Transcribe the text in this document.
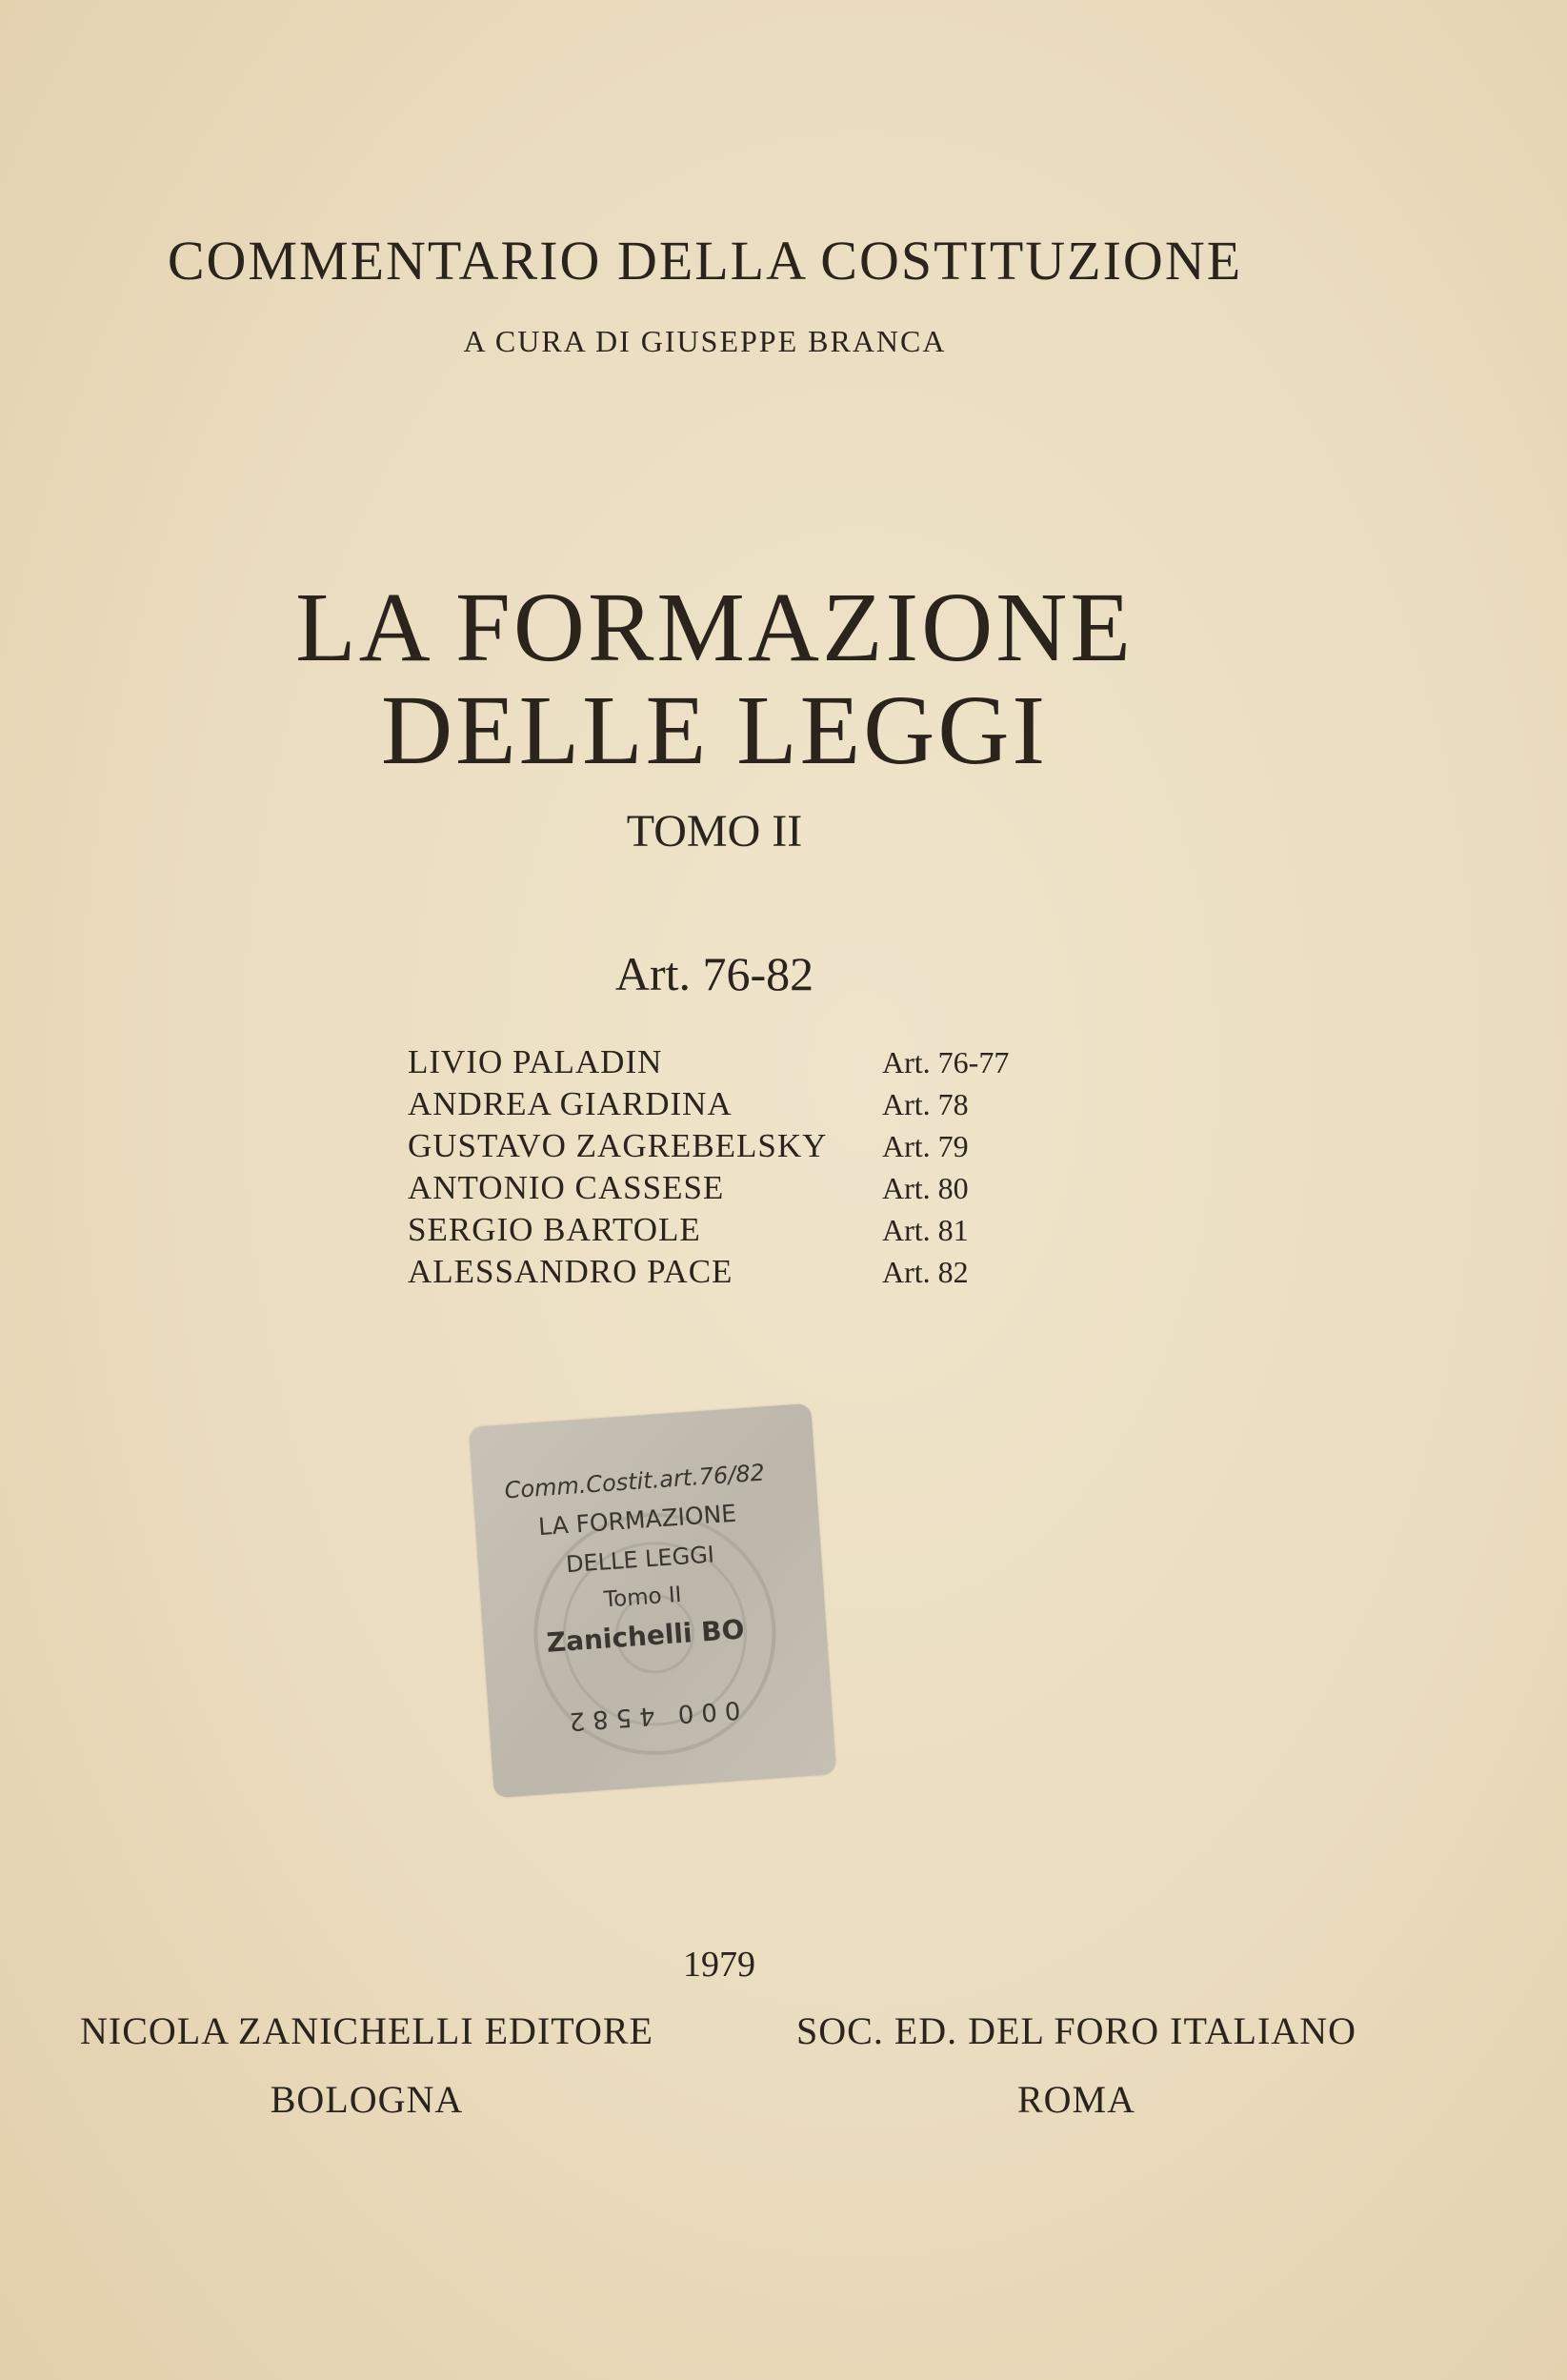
COMMENTARIO DELLA COSTITUZIONE
A CURA DI GIUSEPPE BRANCA
LA FORMAZIONE
DELLE LEGGI
TOMO II
Art. 76-82
LIVIO PALADIN	Art. 76-77
ANDREA GIARDINA	Art. 78
GUSTAVO ZAGREBELSKY	Art. 79
ANTONIO CASSESE	Art. 80
SERGIO BARTOLE	Art. 81
ALESSANDRO PACE	Art. 82
Comm.Costit.art.76/82
LA FORMAZIONE
DELLE LEGGI
Tomo II
Zanichelli BO
000 4582
1979
NICOLA ZANICHELLI EDITORE	SOC. ED. DEL FORO ITALIANO
BOLOGNA	ROMA
